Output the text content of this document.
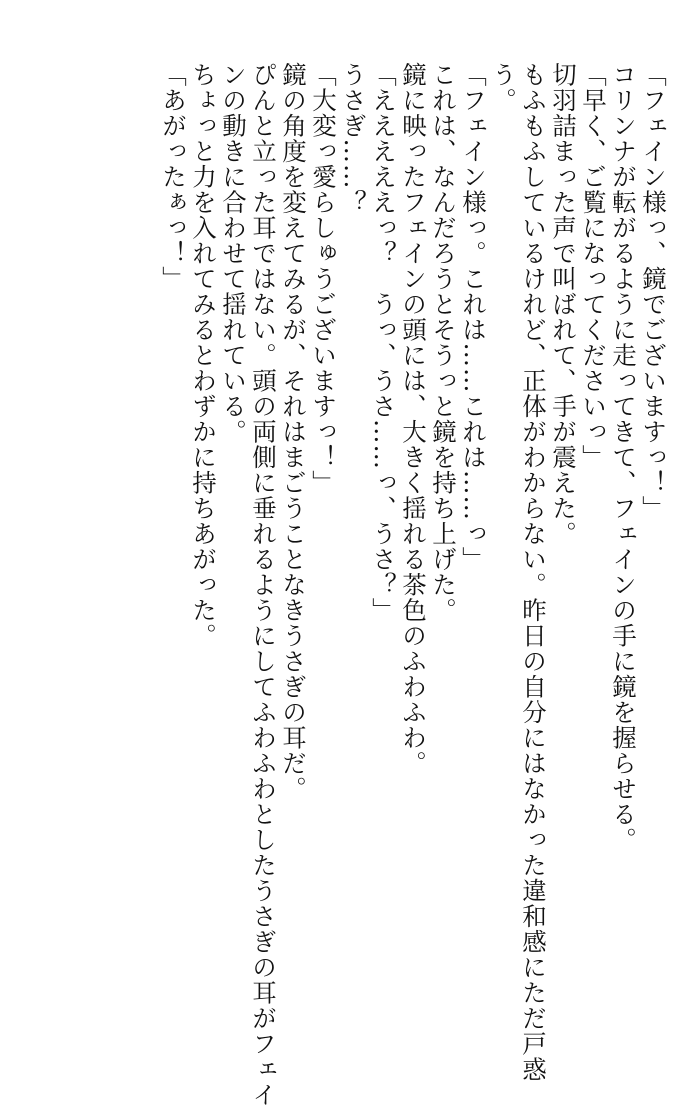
「フェイン様っ、鏡でございますっ！」
コリンナが転がるように走ってきて、フェインの手に鏡を握らせる。
「早く、ご覧になってくださいっ」
切羽詰まった声で叫ばれて、手が震えた。
もふもふしているけれど、正体がわからない。昨日の自分にはなかった違和感にただ戸惑
う。
「フェイン様っ。これは……これは……っ」
これは、なんだろうとそうっと鏡を持ち上げた。
鏡に映ったフェインの頭には、大きく揺れる茶色のふわふわ。
「えええええっ？　うっ、うさ……っ、うさ？」
うさぎ……？
「大変っ愛らしゅうございますっ！」
鏡の角度を変えてみるが、それはまごうことなきうさぎの耳だ。
ぴんと立った耳ではない。頭の両側に垂れるようにしてふわふわとしたうさぎの耳がフェイ
ンの動きに合わせて揺れている。
ちょっと力を入れてみるとわずかに持ちあがった。
「あがったぁっ！」
